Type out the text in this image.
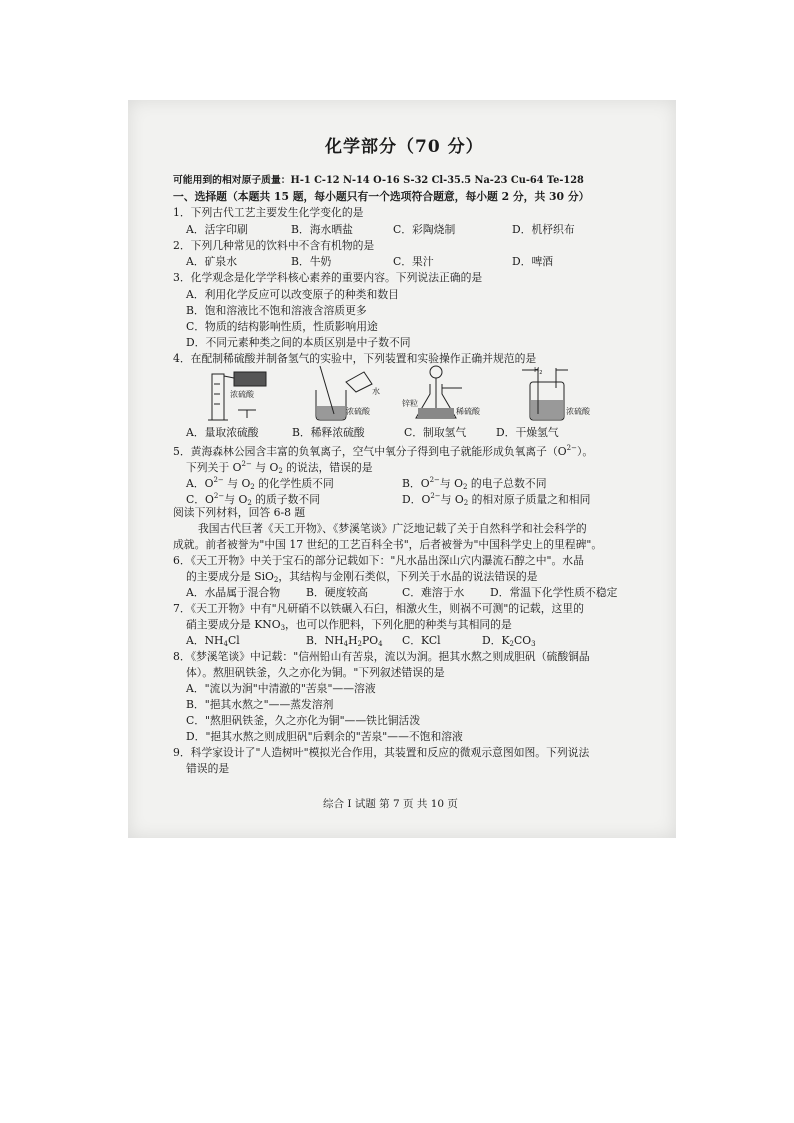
化学部分（70 分）
可能用到的相对原子质量：H-1 C-12 N-14 O-16 S-32 Cl-35.5 Na-23 Cu-64 Te-128
一、选择题（本题共 15 题，每小题只有一个选项符合题意，每小题 2 分，共 30 分）
1．下列古代工艺主要发生化学变化的是
A．活字印刷	B．海水晒盐	C．彩陶烧制	D．机杼织布
2．下列几种常见的饮料中不含有机物的是
A．矿泉水	B．牛奶	C．果汁	D．啤酒
3．化学观念是化学学科核心素养的重要内容。下列说法正确的是
A．利用化学反应可以改变原子的种类和数目
B．饱和溶液比不饱和溶液含溶质更多
C．物质的结构影响性质，性质影响用途
D．不同元素种类之间的本质区别是中子数不同
4．在配制稀硫酸并制备氢气的实验中，下列装置和实验操作正确并规范的是
浓硫酸	水
浓硫酸
锌粒
稀硫酸
$H_2$
浓硫酸
A．量取浓硫酸	B．稀释浓硫酸	C．制取氢气	D．干燥氢气
5．黄海森林公园含丰富的负氧离子，空气中氧分子得到电子就能形成负氧离子$(O^{2-})$。
下列关于 $O^{2-}$ 与 $O_2$ 的说法，错误的是
A．$O^{2-}$ 与 $O_2$ 的化学性质不同	B．$O^{2-}$与 $O_2$ 的电子总数不同
C．$O^{2-}$与 $O_2$ 的质子数不同	D．$O^{2-}$与 $O_2$ 的相对原子质量之和相同
阅读下列材料，回答 6-8 题
我国古代巨著《天工开物》、《梦溪笔谈》广泛地记载了关于自然科学和社会科学的
成就。前者被誉为"中国 17 世纪的工艺百科全书"，后者被誉为"中国科学史上的里程碑"。
6．《天工开物》中关于宝石的部分记载如下："凡水晶出深山穴内瀑流石醇之中"。水晶
的主要成分是 SiO$_2$，其结构与金刚石类似，下列关于水晶的说法错误的是
A．水晶属于混合物 B．硬度较高	C．难溶于水 D．常温下化学性质不稳定
7．《天工开物》中有"凡研硝不以铁碾入石臼，相激火生，则祸不可测"的记载，这里的
硝主要成分是 $KNO_3$，也可以作肥料，下列化肥的种类与其相同的是
A．$NH_4Cl$	B．$NH_4H_2PO_4$ C．KCl	D．$K_2CO_3$
8．《梦溪笔谈》中记载："信州铅山有苦泉，流以为涧。挹其水熬之则成胆矾（硫酸铜晶
体）。熬胆矾铁釜，久之亦化为铜。"下列叙述错误的是
A．"流以为涧"中清澈的"苦泉"——溶液
B．"挹其水熬之"——蒸发溶剂
C．"熬胆矾铁釜，久之亦化为铜"——铁比铜活泼
D．"挹其水熬之则成胆矾"后剩余的"苦泉"——不饱和溶液
9．科学家设计了"人造树叶"模拟光合作用，其装置和反应的微观示意图如图。下列说法
错误的是
综合 I 试题 第 7 页 共 10 页
